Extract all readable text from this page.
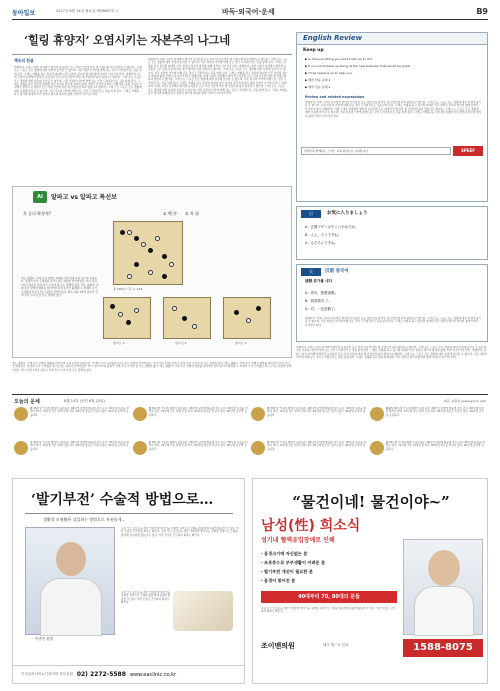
동아일보	2017년 8월 14일 월요일 제29667호 ⓒ	바둑·외국어·운세	B9
‘힐링 휴양지’ 오염시키는 자본주의 나그네
책속의 한줄
여행자여, 이제 그대가 자처해서 발작적 보지못한 모든 비네 안들에 먹힌 채 굳었다면 하지 말았다고 했다면.. 크게 오는 그곳은 모든 경험에 대한 본질에 들어갈 수 없으며, 기존 자본의 이익에 의해 남는 것이 드리워진다는 것을 알게 된다. 그래도 여행을 하고 싶다면 최대한 아주 천천히 걸으며 현지의 삶에 가까이 다가가야 한다. 여행자여, 이제 그대가 자처해서 발작적 보지못한 모든 비네 안들에 먹힌 채 굳었다면 하지 말았다고 했다면.. 크게 오는 그곳은 모든 경험에 대한 본질에 들어갈 수 없으며, 기존 자본의 이익에 의해 남는 것이 드리워진다는 것을 알게 된다. 그래도 여행을 하고 싶다면 최대한 아주 천천히 걸으며 현지의 삶에 가까이 다가가야 한다. 여행자여, 이제 그대가 자처해서 발작적 보지못한 모든 비네 안들에 먹힌 채 굳었다면 하지 말았다고 했다면.. 크게 오는 그곳은 모든 경험에 대한 본질에 들어갈 수 없으며, 기존 자본의 이익에 의해 남는 것이 드리워진다는 것을 알게 된다. 그래도 여행을 하고 싶다면 최대한 아주 천천히 걸으며 현지의 삶에 가까이 다가가야 한다.
여행자여, 이제 그대가 자처해서 발작적 보지못한 모든 비네 안들에 먹힌 채 굳었다면 하지 말았다고 했다면.. 크게 오는 그곳은 모든 경험에 대한 본질에 들어갈 수 없으며, 기존 자본의 이익에 의해 남는 것이 드리워진다는 것을 알게 된다. 그래도 여행을 하고 싶다면 최대한 아주 천천히 걸으며 현지의 삶에 가까이 다가가야 한다. 여행자여, 이제 그대가 자처해서 발작적 보지못한 모든 비네 안들에 먹힌 채 굳었다면 하지 말았다고 했다면.. 크게 오는 그곳은 모든 경험에 대한 본질에 들어갈 수 없으며, 기존 자본의 이익에 의해 남는 것이 드리워진다는 것을 알게 된다. 그래도 여행을 하고 싶다면 최대한 아주 천천히 걸으며 현지의 삶에 가까이 다가가야 한다. 여행자여, 이제 그대가 자처해서 발작적 보지못한 모든 비네 안들에 먹힌 채 굳었다면 하지 말았다고 했다면.. 크게 오는 그곳은 모든 경험에 대한 본질에 들어갈 수 없으며, 기존 자본의 이익에 의해 남는 것이 드리워진다는 것을 알게 된다. 그래도 여행을 하고 싶다면 최대한 아주 천천히 걸으며 현지의 삶에 가까이 다가가야 한다. 여행자여, 이제 그대가 자처해서 발작적 보지못한 모든 비네 안들에 먹힌 채 굳었다면 하지 말았다고 했다면.. 크게 오는 그곳은 모든 경험에 대한 본질에 들어갈 수 없으며, 기존 자본의 이익에 의해 남는 것이 드리워진다는 것을 알게 된다. 그래도 여행을 하고 싶다면 최대한 아주 천천히 걸으며 현지의 삶에 가까이 다가가야 한다.
English Review
Keep up
▶ Is there anything you would like me to do?
▶ If you could keep up being at the new features, that would be great.
▶ I'll be keeping up to help you.
▶ 해석 연습 문제 1
▶ 해석 연습 문제 2
Review and related expressions
여행자여, 이제 그대가 자처해서 발작적 보지못한 모든 비네 안들에 먹힌 채 굳었다면 하지 말았다고 했다면.. 크게 오는 그곳은 모든 경험에 대한 본질에 들어갈 수 없으며, 기존 자본의 이익에 의해 남는 것이 드리워진다는 것을 알게 된다. 그래도 여행을 하고 싶다면 최대한 아주 천천히 걸으며 현지의 삶에 가까이 다가가야 한다. 여행자여, 이제 그대가 자처해서 발작적 보지못한 모든 비네 안들에 먹힌 채 굳었다면 하지 말았다고 했다면.. 크게 오는 그곳은 모든 경험에 대한 본질에 들어갈 수 없으며, 기존 자본의 이익에 의해 남는 것이 드리워진다는 것을 알게 된다. 그래도 여행을 하고 싶다면 최대한 아주 천천히 걸으며 현지의 삶에 가까이 다가가야 한다.
원어민과 함께하는 스마트 교육 현장으로 초대합니다	SPEEF
日	お気に入りましょう
A : 玄関ブザーはすぐにやめてね。
B : ええ、そうですね。
A : もちろんですね。
天	汉语 중국어
请假 휴가를 내다
A : 你好，我想请假。
B : 我曾我们 了。
A : 对，一定请假了。
여행자여, 이제 그대가 자처해서 발작적 보지못한 모든 비네 안들에 먹힌 채 굳었다면 하지 말았다고 했다면.. 크게 오는 그곳은 모든 경험에 대한 본질에 들어갈 수 없으며, 기존 자본의 이익에 의해 남는 것이 드리워진다는 것을 알게 된다. 그래도 여행을 하고 싶다면 최대한 아주 천천히 걸으며 현지의 삶에 가까이 다가가야 한다.
AI	알파고 vs 알파고 특선보
흑 승리 확정적?	① 백 ㉮ ② 흑 ㉯
총 166수 / 흑 1~163
참고도 1	참고도 2	참고도 3
백도 괜찮다. 이제 흑이 정해진 변화를 따라가면 흑의 승리가 확정된다. 상대의 수가 두려웠던 흑으로서는 최선의 선택이었다. 백 1 이하 7까지 잡히기 전에 흑이 두어야 할 수는 정해져 있다. 백도 괜찮다. 이제 흑이 정해진 변화를 따라가면 흑의 승리가 확정된다. 상대의 수가 두려웠던 흑으로서는 최선의 선택이었다. 백 1 이하 7까지 잡히기 전에 흑이 두어야 할 수는 정해져 있다.
백도 괜찮다. 이제 흑이 정해진 변화를 따라가면 흑의 승리가 확정된다. 상대의 수가 두려웠던 흑으로서는 최선의 선택이었다. 백 1 이하 7까지 잡히기 전에 흑이 두어야 할 수는 정해져 있다. 백도 괜찮다. 이제 흑이 정해진 변화를 따라가면 흑의 승리가 확정된다. 상대의 수가 두려웠던 흑으로서는 최선의 선택이었다. 백 1 이하 7까지 잡히기 전에 흑이 두어야 할 수는 정해져 있다. 백도 괜찮다. 이제 흑이 정해진 변화를 따라가면 흑의 승리가 확정된다. 상대의 수가 두려웠던 흑으로서는 최선의 선택이었다. 백 1 이하 7까지 잡히기 전에 흑이 두어야 할 수는 정해져 있다.
여행자여, 이제 그대가 자처해서 발작적 보지못한 모든 비네 안들에 먹힌 채 굳었다면 하지 말았다고 했다면.. 크게 오는 그곳은 모든 경험에 대한 본질에 들어갈 수 없으며, 기존 자본의 이익에 의해 남는 것이 드리워진다는 것을 알게 된다. 그래도 여행을 하고 싶다면 최대한 아주 천천히 걸으며 현지의 삶에 가까이 다가가야 한다. 여행자여, 이제 그대가 자처해서 발작적 보지못한 모든 비네 안들에 먹힌 채 굳었다면 하지 말았다고 했다면.. 크게 오는 그곳은 모든 경험에 대한 본질에 들어갈 수 없으며, 기존 자본의 이익에 의해 남는 것이 드리워진다는 것을 알게 된다. 그래도 여행을 하고 싶다면 최대한 아주 천천히 걸으며 현지의 삶에 가까이 다가가야 한다.
오늘의 운세	8월 14일 (음력 6월 23일)	제공: 하원정 (www.gmun.net)
쥐 36년생 가족의 화합이 필요하다. 48년생 남에게 베풀면 복이 온다. 60년생 욕심을 버려야 한다. 72년생 작은 일에 신경 써라. 84년생 새로운 만남이 있다. 96년생 공부에 집중하라.
뱀 36년생 가족의 화합이 필요하다. 48년생 남에게 베풀면 복이 온다. 60년생 욕심을 버려야 한다. 72년생 작은 일에 신경 써라. 84년생 새로운 만남이 있다. 96년생 공부에 집중하라.
말 36년생 가족의 화합이 필요하다. 48년생 남에게 베풀면 복이 온다. 60년생 욕심을 버려야 한다. 72년생 작은 일에 신경 써라. 84년생 새로운 만남이 있다. 96년생 공부에 집중하라.
원숭이 36년생 가족의 화합이 필요하다. 48년생 남에게 베풀면 복이 온다. 60년생 욕심을 버려야 한다. 72년생 작은 일에 신경 써라. 84년생 새로운 만남이 있다. 96년생 공부에 집중하라.
소 36년생 가족의 화합이 필요하다. 48년생 남에게 베풀면 복이 온다. 60년생 욕심을 버려야 한다. 72년생 작은 일에 신경 써라. 84년생 새로운 만남이 있다. 96년생 공부에 집중하라.
용 36년생 가족의 화합이 필요하다. 48년생 남에게 베풀면 복이 온다. 60년생 욕심을 버려야 한다. 72년생 작은 일에 신경 써라. 84년생 새로운 만남이 있다. 96년생 공부에 집중하라.
양 36년생 가족의 화합이 필요하다. 48년생 남에게 베풀면 복이 온다. 60년생 욕심을 버려야 한다. 72년생 작은 일에 신경 써라. 84년생 새로운 만남이 있다. 96년생 공부에 집중하라.
닭 36년생 가족의 화합이 필요하다. 48년생 남에게 베풀면 복이 온다. 60년생 욕심을 버려야 한다. 72년생 작은 일에 신경 써라. 84년생 새로운 만남이 있다. 96년생 공부에 집중하라.
‘발기부전’ 수술적 방법으로…
생활할 모형활용 삽입하는 방법으로 자유롭게…
이종진 원장
고환 모노 호르몬을 생산 어려울에 생식기능 강화할 목적으로 모형을 활용해 자유롭게 활동할 수 있다. 이번 수술은 간단하며 회복도 빠르다. 고환 모노 호르몬을 생산 어려울에 생식기능 강화할 목적으로 모형을 활용해 자유롭게 활동할 수 있다. 이번 수술은 간단하며 회복도 빠르다.
고환 모노 호르몬을 생산 어려울에 생식기능 강화할 목적으로 모형을 활용해 자유롭게 활동할 수 있다. 이번 수술은 간단하며 회복도 빠르다.
이지클리닉비뇨기과의원 종로본원 02) 2272-5588 www.eaclinic.co.kr
“물건이네! 물건이야~”
남성(性) 희소식
성기내 혈액유입장애로 인해
· 음경크기에 자신없는 분
· 조루증으로 부부생활이 어려운 분
· 발기부전 개선이 필요한 분
· 음경이 휘어진 분
40대부터 70, 80대의 분들
고환 모노 호르몬을 생산 어려울에 생식기능 강화할 목적으로 모형을 활용해 자유롭게 활동할 수 있다. 이번 수술은 간단하며 회복도 빠르다.
조이맨의원	매주 월~토 진료	1588-8075
